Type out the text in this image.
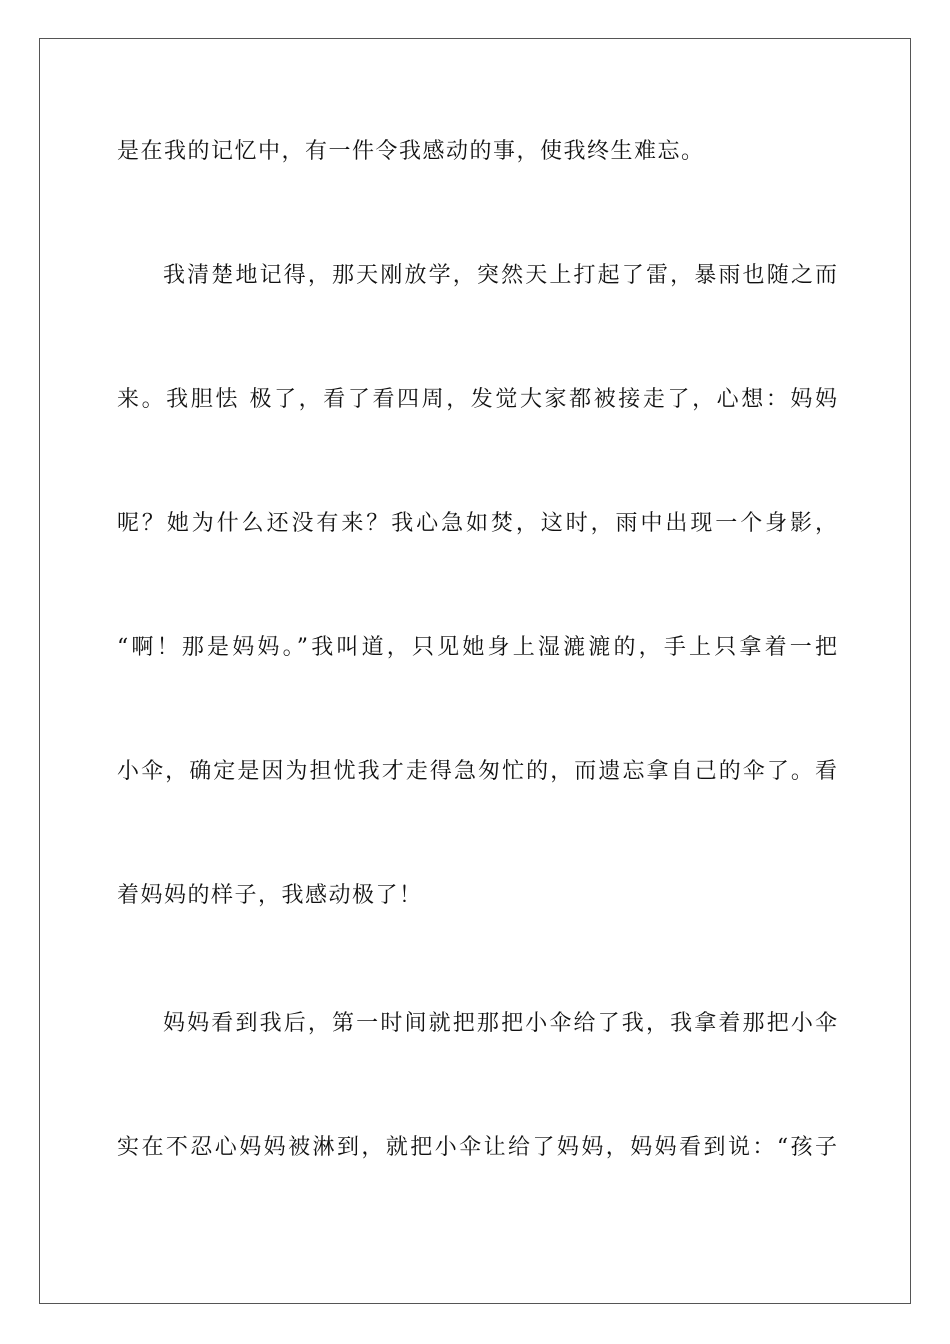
是在我的记忆中，有一件令我感动的事，使我终生难忘。

我清楚地记得，那天刚放学，突然天上打起了雷，暴雨也随之而

来。我胆怯 极了，看了看四周，发觉大家都被接走了，心想：妈妈

呢？她为什么还没有来？我心急如焚，这时，雨中出现一个身影，

“啊！那是妈妈。”我叫道，只见她身上湿漉漉的，手上只拿着一把

小伞，确定是因为担忧我才走得急匆忙的，而遗忘拿自己的伞了。看

着妈妈的样子，我感动极了！

妈妈看到我后，第一时间就把那把小伞给了我，我拿着那把小伞

实在不忍心妈妈被淋到，就把小伞让给了妈妈，妈妈看到说：“孩子
